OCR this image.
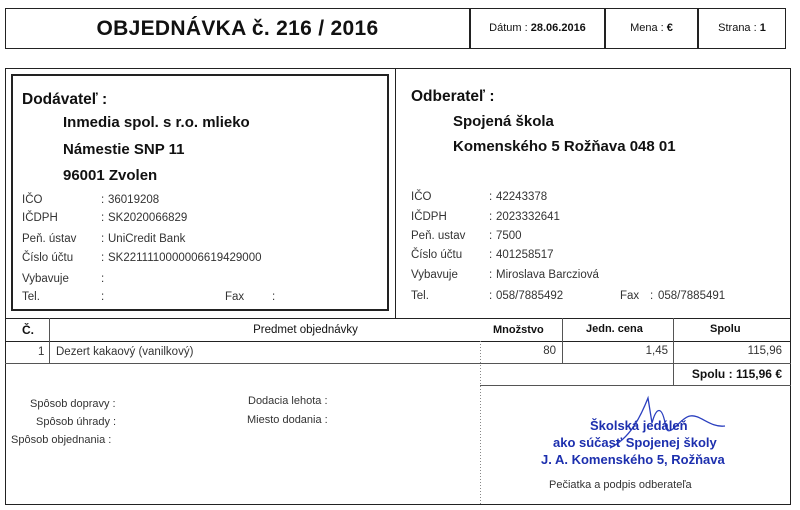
OBJEDNÁVKA č. 216 / 2016	Dátum : 28.06.2016	Mena : €	Strana : 1
Dodávateľ :
Inmedia spol. s r.o. mlieko
Námestie SNP 11
96001 Zvolen
IČO	: 36019208
IČDPH	: SK2020066829
Peň. ústav : UniCredit Bank
Číslo účtu : SK2211110000006619429000
Vybavuje	:
Tel.	:	Fax :
Odberateľ :
Spojená škola
Komenského 5 Rožňava 048 01
IČO	: 42243378
IČDPH	: 2023332641
Peň. ustav : 7500
Číslo účtu : 401258517
Vybavuje	: Miroslava Barcziová
Tel.	: 058/7885492	Fax : 058/7885491
Č.	Predmet objednávky	Množstvo	Jedn. cena	Spolu
1 Dezert kakaový (vanilkový)	80	1,45	115,96
Spolu : 115,96 €
Spôsob dopravy :
Spôsob úhrady :
Spôsob objednania :
Dodacia lehota :
Miesto dodania :	Školská jedáleň
ako súčasť Spojenej školy
J. A. Komenského 5, Rožňava
Pečiatka a podpis odberateľa
